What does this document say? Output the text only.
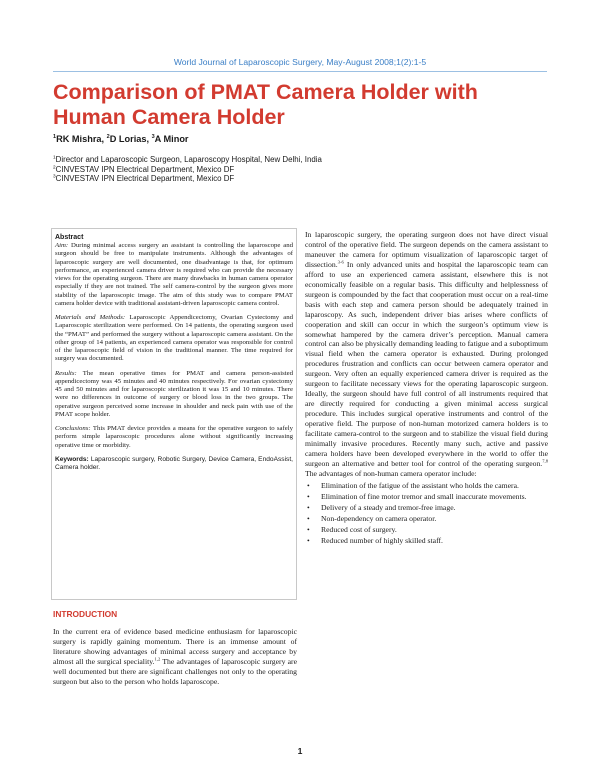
World Journal of Laparoscopic Surgery, May-August 2008;1(2):1-5
Comparison of PMAT Camera Holder with Human Camera Holder
$^1$RK Mishra, $^2$D Lorias, $^3$A Minor
$^1$Director and Laparoscopic Surgeon, Laparoscopy Hospital, New Delhi, India
$^2$CINVESTAV IPN Electrical Department, Mexico DF
$^3$CINVESTAV IPN Electrical Department, Mexico DF
Abstract

Aim: During minimal access surgery an assistant is controlling the laparoscope and surgeon should be free to manipulate instruments. Although the advantages of laparoscopic surgery are well documented, one disadvantage is that, for optimum performance, an experienced camera driver is required who can provide the necessary views for the operating surgeon. There are many drawbacks in human camera operator especially if they are not trained. The self camera-control by the surgeon gives more stability of the laparoscopic image. The aim of this study was to compare PMAT camera holder device with traditional assistant-driven laparoscopic camera control.

Materials and Methods: Laparoscopic Appendicectomy, Ovarian Cystectomy and Laparoscopic sterilization were performed. On 14 patients, the operating surgeon used the “PMAT” and performed the surgery without a laparoscopic camera assistant. On the other group of 14 patients, an experienced camera operator was responsible for control of the laparoscopic field of vision in the traditional manner. The time required for surgery was documented.

Results: The mean operative times for PMAT and camera person-assisted appendicectomy was 45 minutes and 40 minutes respectively. For ovarian cystectomy 45 and 50 minutes and for laparoscopic sterilization it was 15 and 10 minutes. There were no differences in outcome of surgery or blood loss in the two groups. The operative surgeon perceived some increase in shoulder and neck pain with use of the PMAT scope holder.

Conclusions: This PMAT device provides a means for the operative surgeon to safely perform simple laparoscopic procedures alone without significantly increasing operative time or morbidity.

Keywords: Laparoscopic surgery, Robotic Surgery, Device Camera, EndoAssist, Camera holder.

INTRODUCTION

In the current era of evidence based medicine enthusiasm for laparoscopic surgery is rapidly gaining momentum. There is an immense amount of literature showing advantages of minimal access surgery and acceptance by almost all the surgical speciality.$^{1,2}$ The advantages of laparoscopic surgery are well documented but there are significant challenges not only to the operating surgeon but also to the person who holds laparoscope.

In laparoscopic surgery, the operating surgeon does not have direct visual control of the operative field. The surgeon depends on the camera assistant to maneuver the camera for optimum visualization of laparoscopic target of dissection.$^{3-6}$ In only advanced units and hospital the laparoscopic team can afford to use an experienced camera assistant, elsewhere this is not economically feasible on a regular basis. This difficulty and helplessness of surgeon is compounded by the fact that cooperation must occur on a real-time basis with each step and camera person should be adequately trained in laparoscopy. As such, independent driver bias arises where conflicts of cooperation and skill can occur in which the surgeon’s optimum view is somewhat hampered by the camera driver’s perception. Manual camera control can also be physically demanding leading to fatigue and a suboptimum visual field when the camera operator is exhausted. During prolonged procedures frustration and conflicts can occur between camera operator and surgeon. Very often an equally experienced camera driver is required as the surgeon to facilitate necessary views for the operating laparoscopic surgeon. Ideally, the surgeon should have full control of all instruments required that are directly required for conducting a given minimal access surgical procedure. This includes surgical operative instruments and control of the operative field. The purpose of non-human motorized camera holders is to facilitate camera-control to the surgeon and to stabilize the visual field during minimally invasive procedures. Recently many such, active and passive camera holders have been developed everywhere in the world to offer the surgeon an alternative and better tool for control of the operating surgeon.$^{7,8}$ The advantages of non-human camera operator include:

• Elimination of the fatigue of the assistant who holds the camera.
• Elimination of fine motor tremor and small inaccurate movements.
• Delivery of a steady and tremor-free image.
• Non-dependency on camera operator.
• Reduced cost of surgery.
• Reduced number of highly skilled staff.
1
